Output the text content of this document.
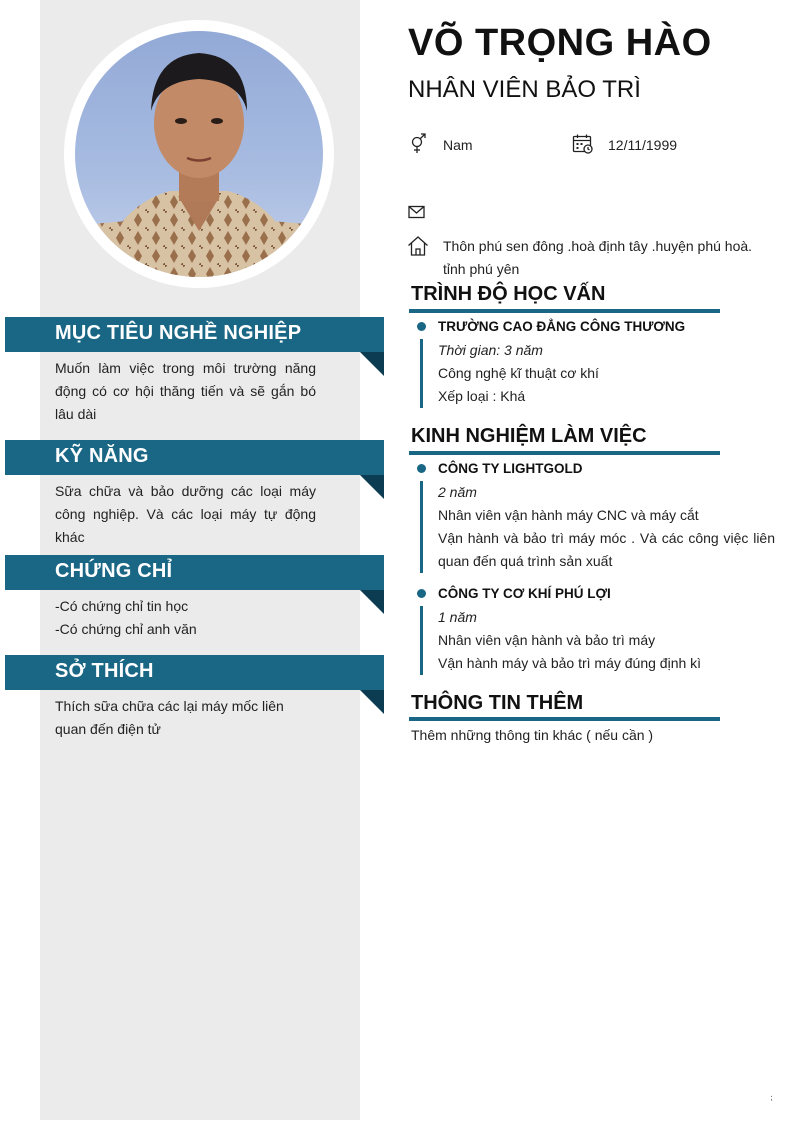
MỤC TIÊU NGHỀ NGHIỆP
Muốn làm việc trong môi trường năng động có cơ hội thăng tiến và sẽ gắn bó lâu dài
KỸ NĂNG
Sữa chữa và bảo dưỡng các loại máy công nghiệp. Và các loại máy tự động khác
CHỨNG CHỈ
-Có chứng chỉ tin học
-Có chứng chỉ anh văn
SỞ THÍCH
Thích sữa chữa các lại máy mốc liên quan đến điện tử
VÕ TRỌNG HÀO
NHÂN VIÊN BẢO TRÌ
Nam	12/11/1999
Thôn phú sen đông .hoà định tây .huyện phú hoà. tỉnh phú yên
TRÌNH ĐỘ HỌC VẤN
TRƯỜNG CAO ĐẲNG CÔNG THƯƠNG
Thời gian: 3 năm
Công nghệ kĩ thuật cơ khí
Xếp loại : Khá
KINH NGHIỆM LÀM VIỆC
CÔNG TY LIGHTGOLD
2 năm
Nhân viên vận hành máy CNC và máy cắt
Vận hành và bảo trì máy móc . Và các công việc liên quan đến quá trình sản xuất
CÔNG TY CƠ KHÍ PHÚ LỢI
1 năm
Nhân viên vận hành và bảo trì máy
Vận hành máy và bảo trì máy đúng định kì
THÔNG TIN THÊM
Thêm những thông tin khác ( nếu cần )
⁏
